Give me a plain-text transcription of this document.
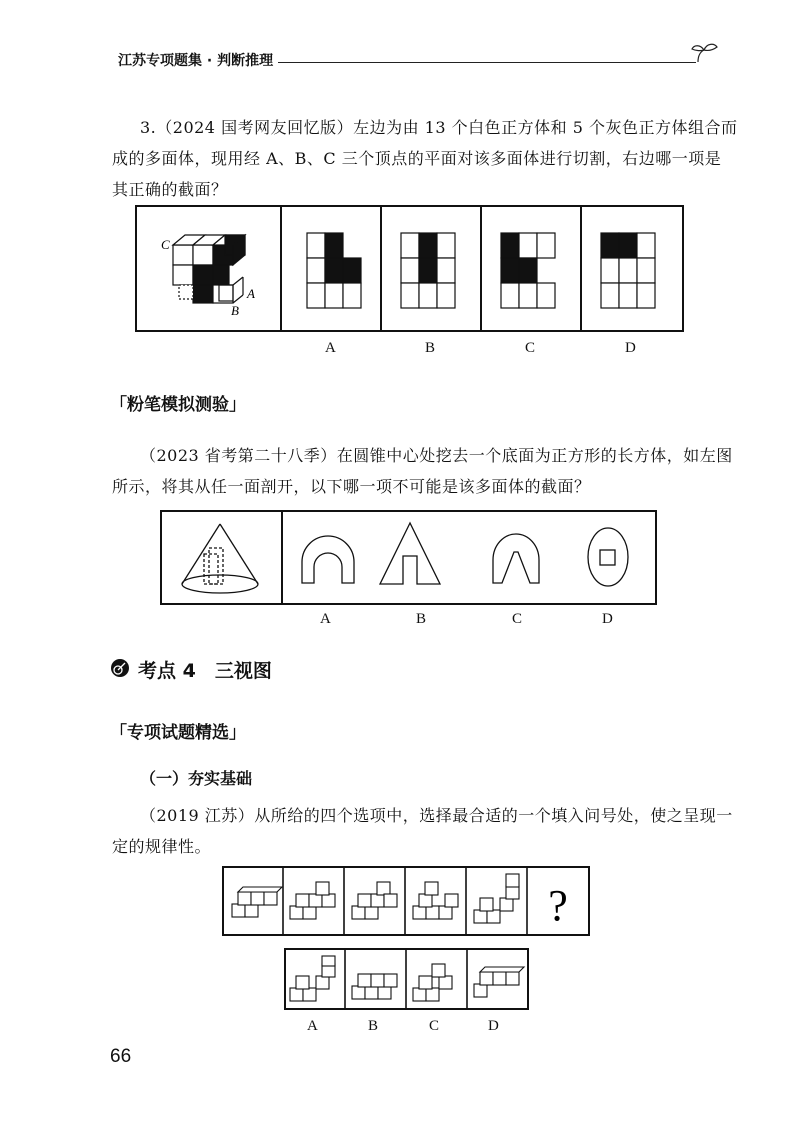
江苏专项题集 · 判断推理
3.（2024 国考网友回忆版）左边为由 13 个白色正方体和 5 个灰色正方体组合而
成的多面体，现用经 A、B、C 三个顶点的平面对该多面体进行切割，右边哪一项是
其正确的截面？
C
A
B
A	B	C	D
「粉笔模拟测验」
（2023 省考第二十八季）在圆锥中心处挖去一个底面为正方形的长方体，如左图
所示，将其从任一面剖开，以下哪一项不可能是该多面体的截面？
A	B	C	D
考点 4　三视图
「专项试题精选」
（一）夯实基础
（2019 江苏）从所给的四个选项中，选择最合适的一个填入问号处，使之呈现一
定的规律性。
?
A	B	C	D
66
